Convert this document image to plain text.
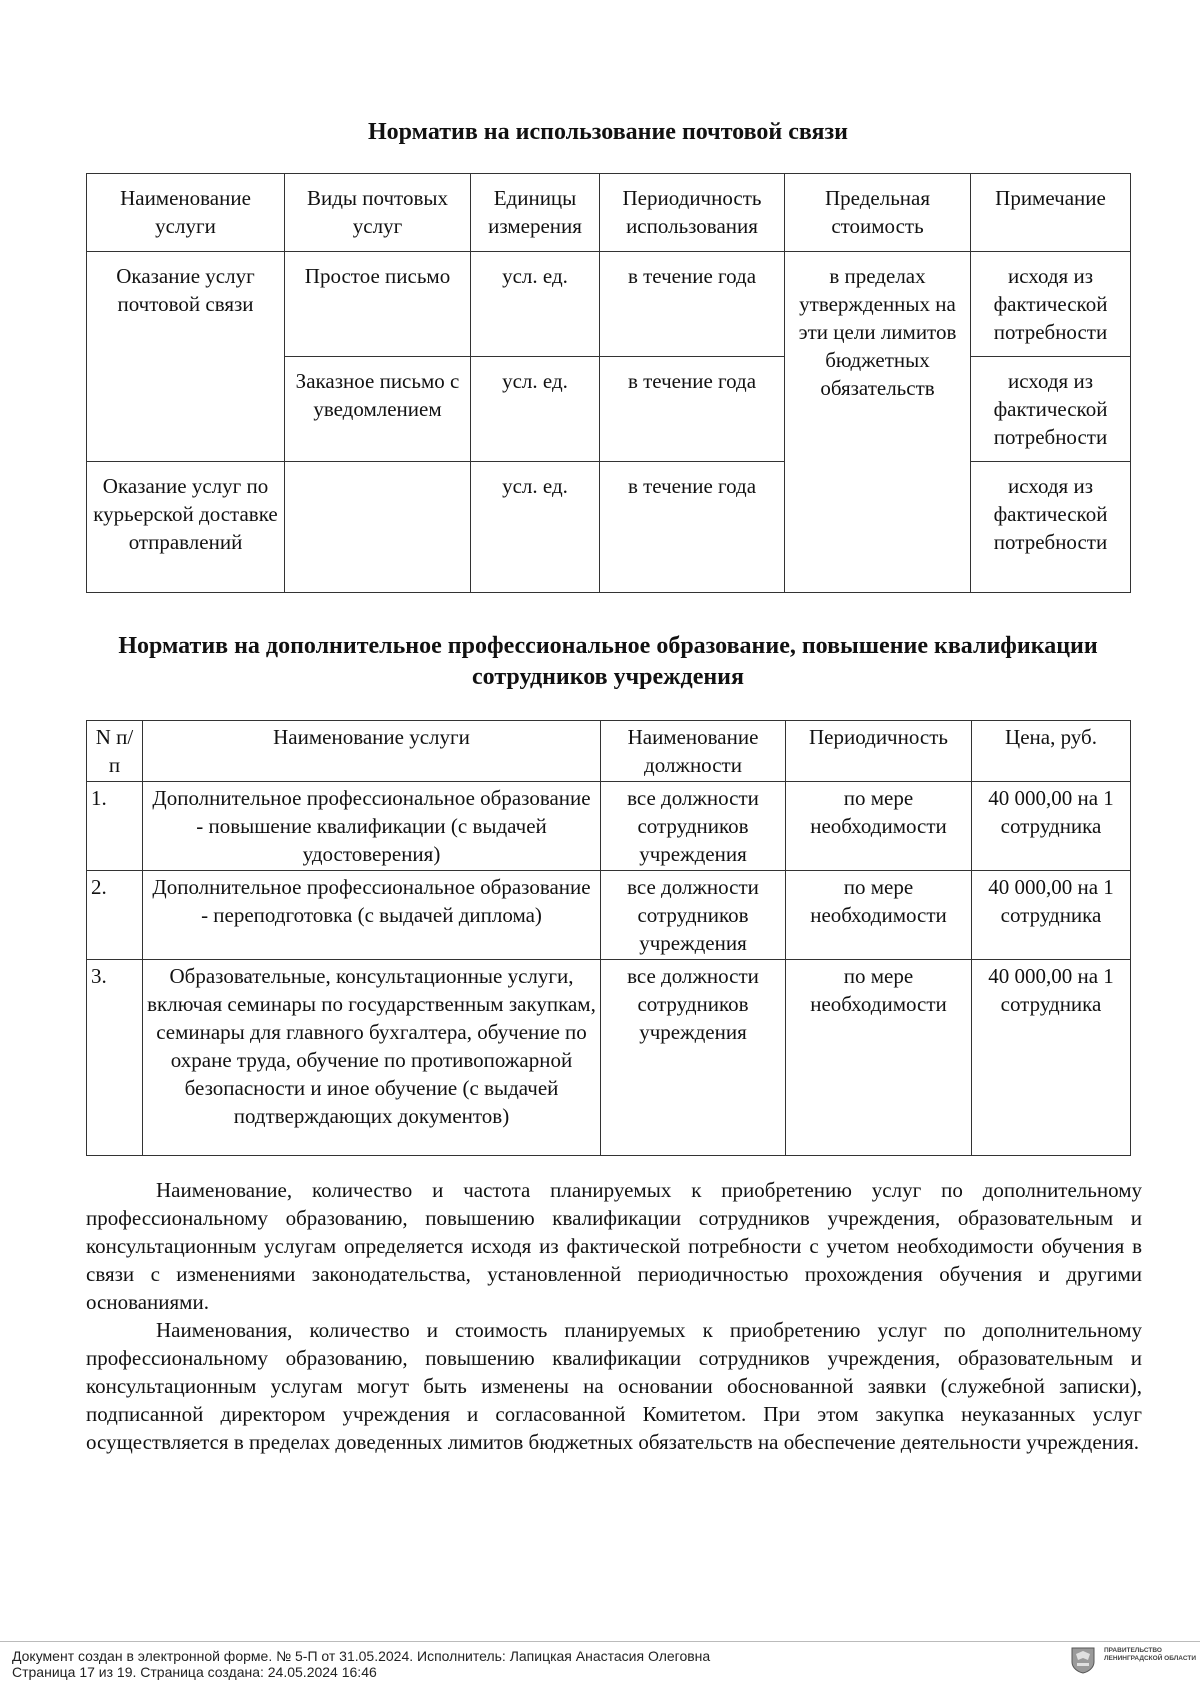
Норматив на использование почтовой связи
Наименование услуги	Виды почтовых услуг	Единицы измерения	Периодичность использования	Предельная стоимость	Примечание
Оказание услуг почтовой связи	Простое письмо	усл. ед.	в течение года	в пределах утвержденных на эти цели лимитов бюджетных обязательств	исходя из фактической потребности
	Заказное письмо с уведомлением	усл. ед.	в течение года		исходя из фактической потребности
Оказание услуг по курьерской доставке отправлений		усл. ед.	в течение года		исходя из фактической потребности
Норматив на дополнительное профессиональное образование, повышение квалификации сотрудников учреждения
N п/п	Наименование услуги	Наименование должности	Периодичность	Цена, руб.
1.	Дополнительное профессиональное образование - повышение квалификации (с выдачей удостоверения)	все должности сотрудников учреждения	по мере необходимости	40 000,00 на 1 сотрудника
2.	Дополнительное профессиональное образование - переподготовка (с выдачей диплома)	все должности сотрудников учреждения	по мере необходимости	40 000,00 на 1 сотрудника
3.	Образовательные, консультационные услуги, включая семинары по государственным закупкам, семинары для главного бухгалтера, обучение по охране труда, обучение по противопожарной безопасности и иное обучение (с выдачей подтверждающих документов)	все должности сотрудников учреждения	по мере необходимости	40 000,00 на 1 сотрудника

Наименование, количество и частота планируемых к приобретению услуг по дополнительному профессиональному образованию, повышению квалификации сотрудников учреждения, образовательным и консультационным услугам определяется исходя из фактической потребности с учетом необходимости обучения в связи с изменениями законодательства, установленной периодичностью прохождения обучения и другими основаниями.

Наименования, количество и стоимость планируемых к приобретению услуг по дополнительному профессиональному образованию, повышению квалификации сотрудников учреждения, образовательным и консультационным услугам могут быть изменены на основании обоснованной заявки (служебной записки), подписанной директором учреждения и согласованной Комитетом. При этом закупка неуказанных услуг осуществляется в пределах доведенных лимитов бюджетных обязательств на обеспечение деятельности учреждения.

Документ создан в электронной форме. № 5-П от 31.05.2024. Исполнитель: Лапицкая Анастасия Олеговна
Страница 17 из 19. Страница создана: 24.05.2024 16:46
ПРАВИТЕЛЬСТВО ЛЕНИНГРАДСКОЙ ОБЛАСТИ
